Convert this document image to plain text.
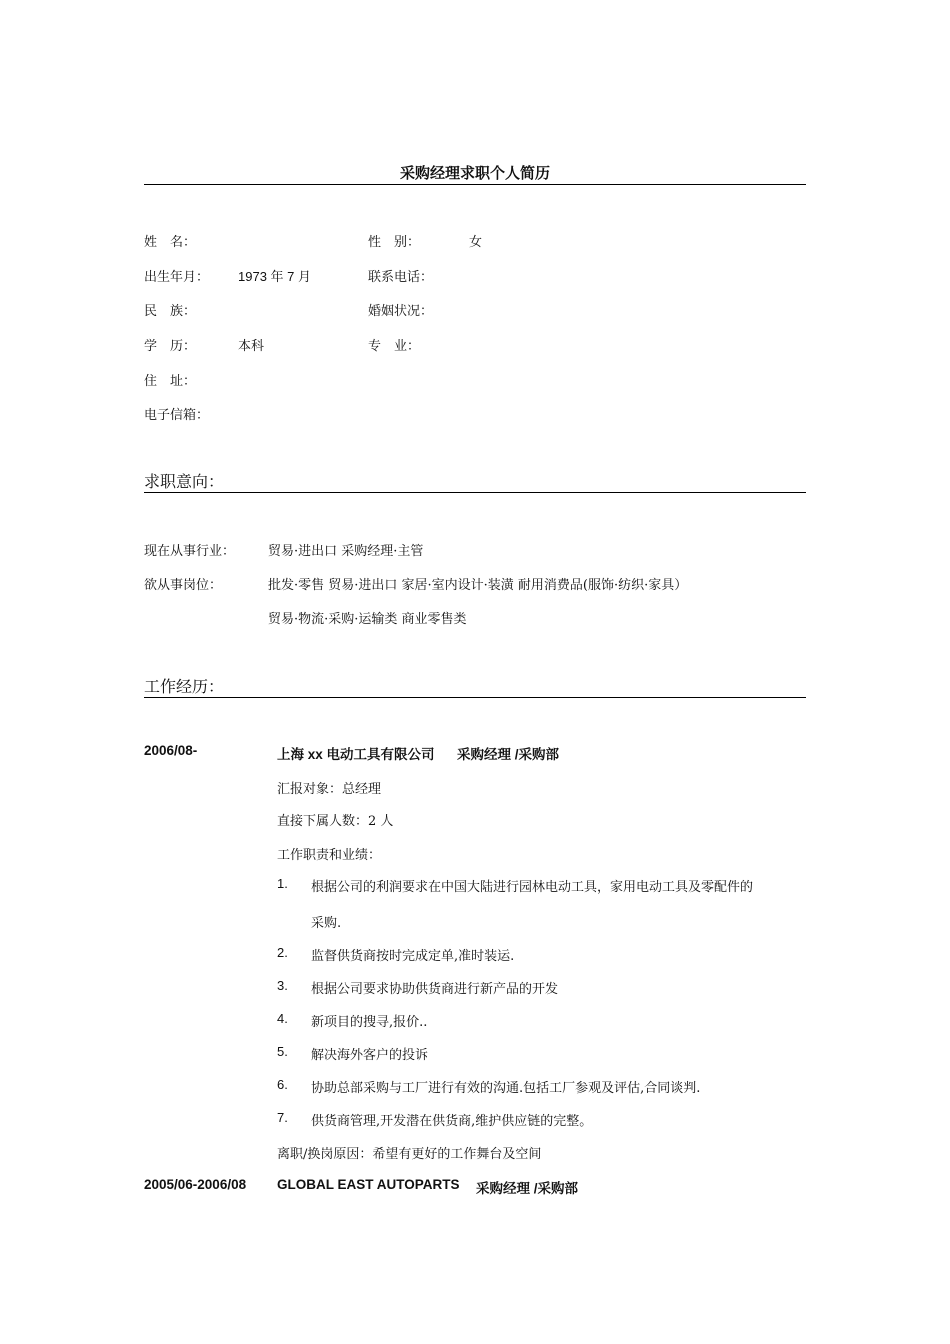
采购经理求职个人简历
姓　名：	性　别：	女
出生年月： 1973 年 7 月	联系电话：
民　族：	婚姻状况：
学　历：	本科	专　业：
住　址：
电子信箱：
求职意向：
现在从事行业：	贸易·进出口 采购经理·主管
欲从事岗位：	批发·零售 贸易·进出口 家居·室内设计·装潢 耐用消费品(服饰·纺织·家具）
贸易·物流·采购·运输类 商业零售类
工作经历：
2006/08-	上海 xx 电动工具有限公司 采购经理 /采购部
汇报对象：总经理
直接下属人数：2 人
工作职责和业绩：
1. 根据公司的利润要求在中国大陆进行园林电动工具，家用电动工具及零配件的
采购.
2. 监督供货商按时完成定单,准时装运.
3. 根据公司要求协助供货商进行新产品的开发
4. 新项目的搜寻,报价..
5. 解决海外客户的投诉
6. 协助总部采购与工厂进行有效的沟通.包括工厂参观及评估,合同谈判.
7. 供货商管理,开发潜在供货商,维护供应链的完整。
离职/换岗原因：希望有更好的工作舞台及空间
2005/06-2006/08 GLOBAL EAST AUTOPARTS 采购经理 /采购部
